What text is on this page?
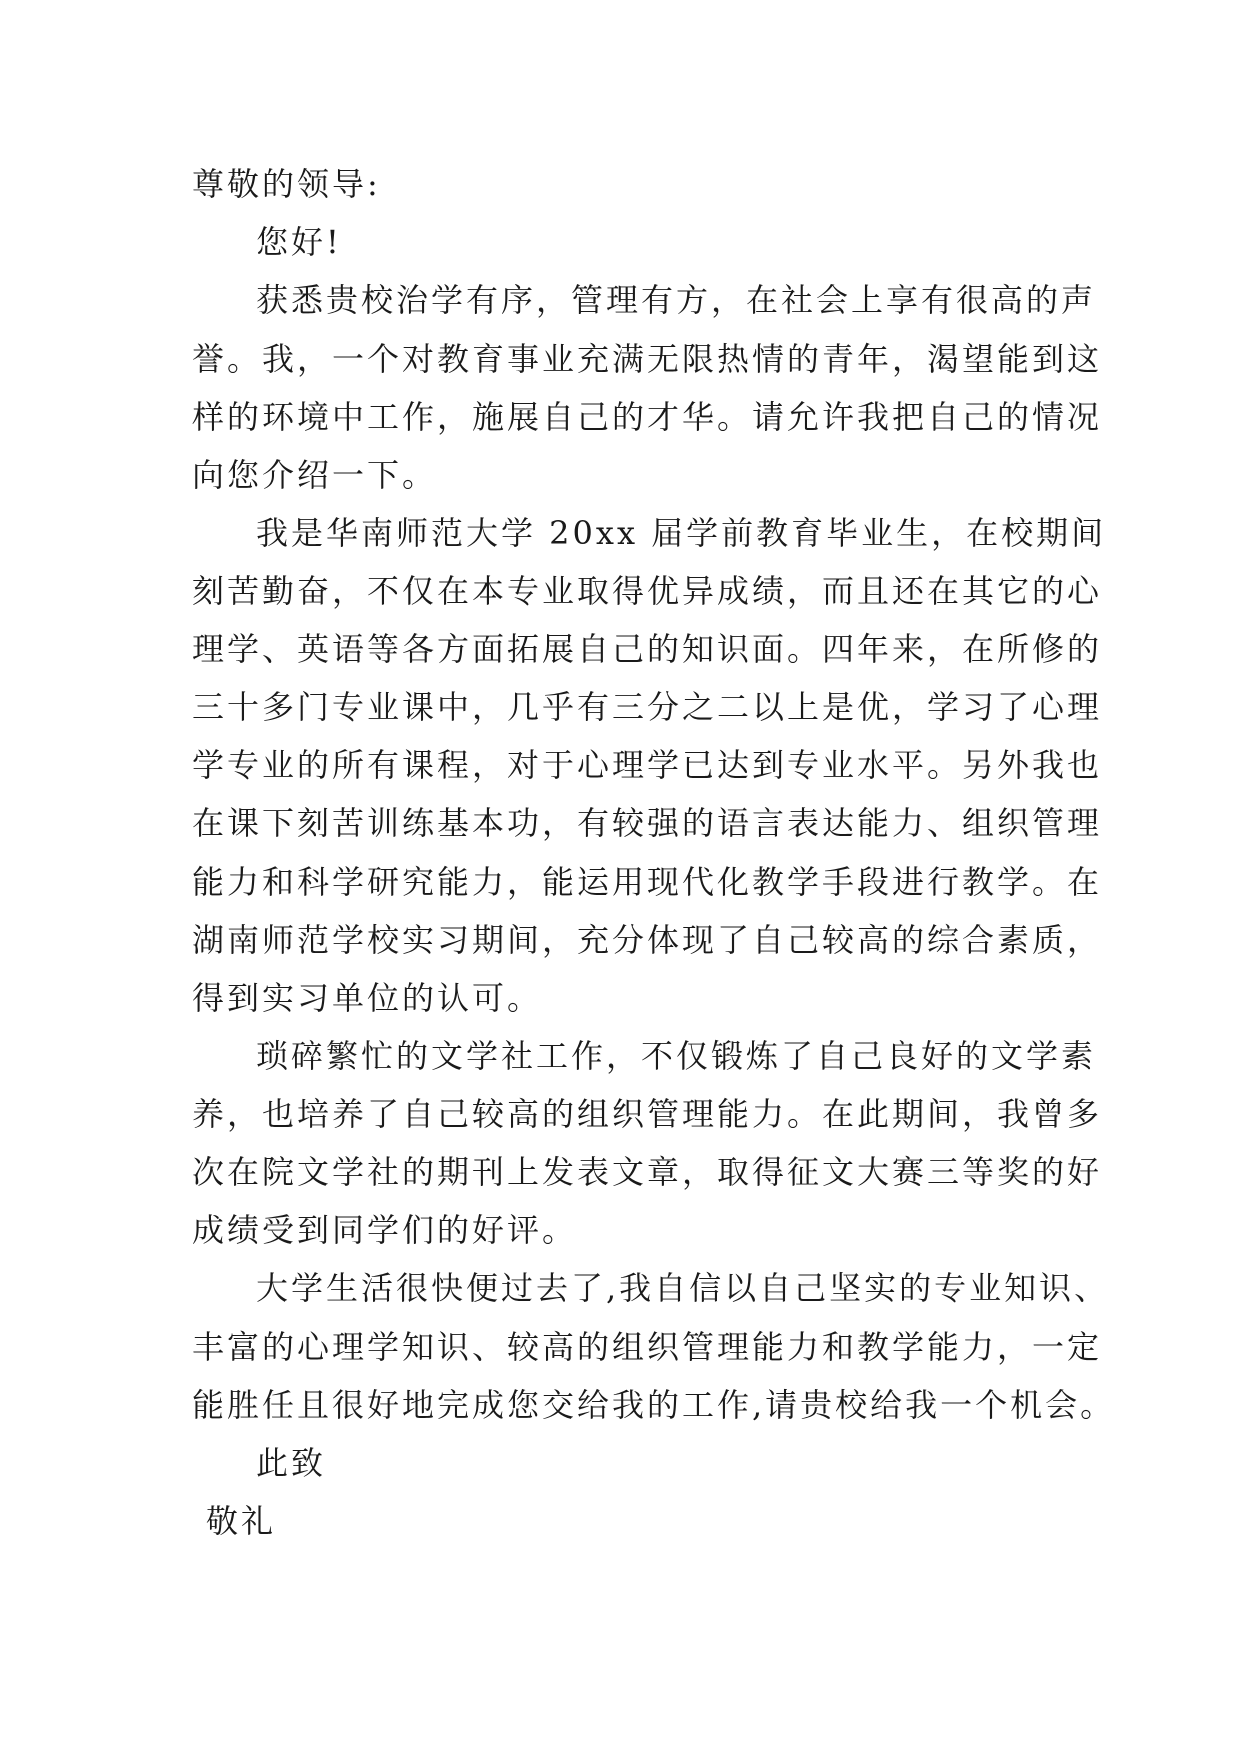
尊敬的领导:
您好!
获悉贵校治学有序，管理有方，在社会上享有很高的声
誉。我，一个对教育事业充满无限热情的青年，渴望能到这
样的环境中工作，施展自己的才华。请允许我把自己的情况
向您介绍一下。
我是华南师范大学 20xx 届学前教育毕业生，在校期间
刻苦勤奋，不仅在本专业取得优异成绩，而且还在其它的心
理学、英语等各方面拓展自己的知识面。四年来，在所修的
三十多门专业课中，几乎有三分之二以上是优，学习了心理
学专业的所有课程，对于心理学已达到专业水平。另外我也
在课下刻苦训练基本功，有较强的语言表达能力、组织管理
能力和科学研究能力，能运用现代化教学手段进行教学。在
湖南师范学校实习期间，充分体现了自己较高的综合素质，
得到实习单位的认可。
琐碎繁忙的文学社工作，不仅锻炼了自己良好的文学素
养，也培养了自己较高的组织管理能力。在此期间，我曾多
次在院文学社的期刊上发表文章，取得征文大赛三等奖的好
成绩受到同学们的好评。
大学生活很快便过去了,我自信以自己坚实的专业知识、
丰富的心理学知识、较高的组织管理能力和教学能力，一定
能胜任且很好地完成您交给我的工作,请贵校给我一个机会。
此致
敬礼
